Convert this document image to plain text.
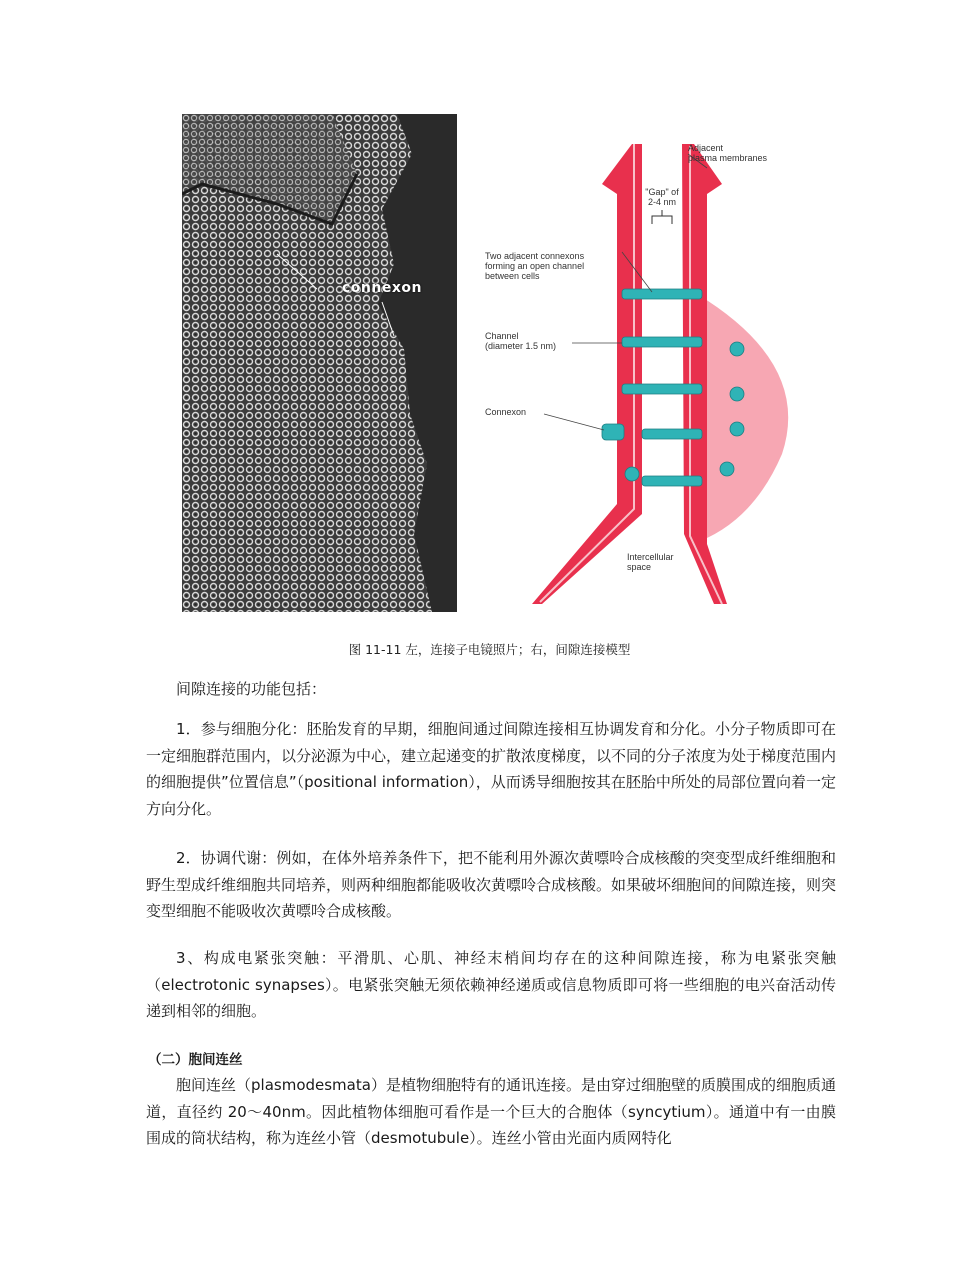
connexon
Adjacent
plasma membranes
"Gap" of
2-4 nm
Two adjacent connexons
forming an open channel
between cells
Channel
(diameter 1.5 nm)
Connexon
Intercellular
space
图 11-11 左，连接子电镜照片；右，间隙连接模型
间隙连接的功能包括：
1．参与细胞分化：胚胎发育的早期，细胞间通过间隙连接相互协调发育和分化。小分子物质即可在一定细胞群范围内，以分泌源为中心，建立起递变的扩散浓度梯度，以不同的分子浓度为处于梯度范围内的细胞提供”位置信息”（positional information），从而诱导细胞按其在胚胎中所处的局部位置向着一定方向分化。
2．协调代谢：例如，在体外培养条件下，把不能利用外源次黄嘌呤合成核酸的突变型成纤维细胞和野生型成纤维细胞共同培养，则两种细胞都能吸收次黄嘌呤合成核酸。如果破坏细胞间的间隙连接，则突变型细胞不能吸收次黄嘌呤合成核酸。
3、构成电紧张突触：平滑肌、心肌、神经末梢间均存在的这种间隙连接，称为电紧张突触（electrotonic synapses）。电紧张突触无须依赖神经递质或信息物质即可将一些细胞的电兴奋活动传递到相邻的细胞。
（二）胞间连丝
胞间连丝（plasmodesmata）是植物细胞特有的通讯连接。是由穿过细胞壁的质膜围成的细胞质通道，直径约 20～40nm。因此植物体细胞可看作是一个巨大的合胞体（syncytium）。通道中有一由膜围成的筒状结构，称为连丝小管（desmotubule）。连丝小管由光面内质网特化
